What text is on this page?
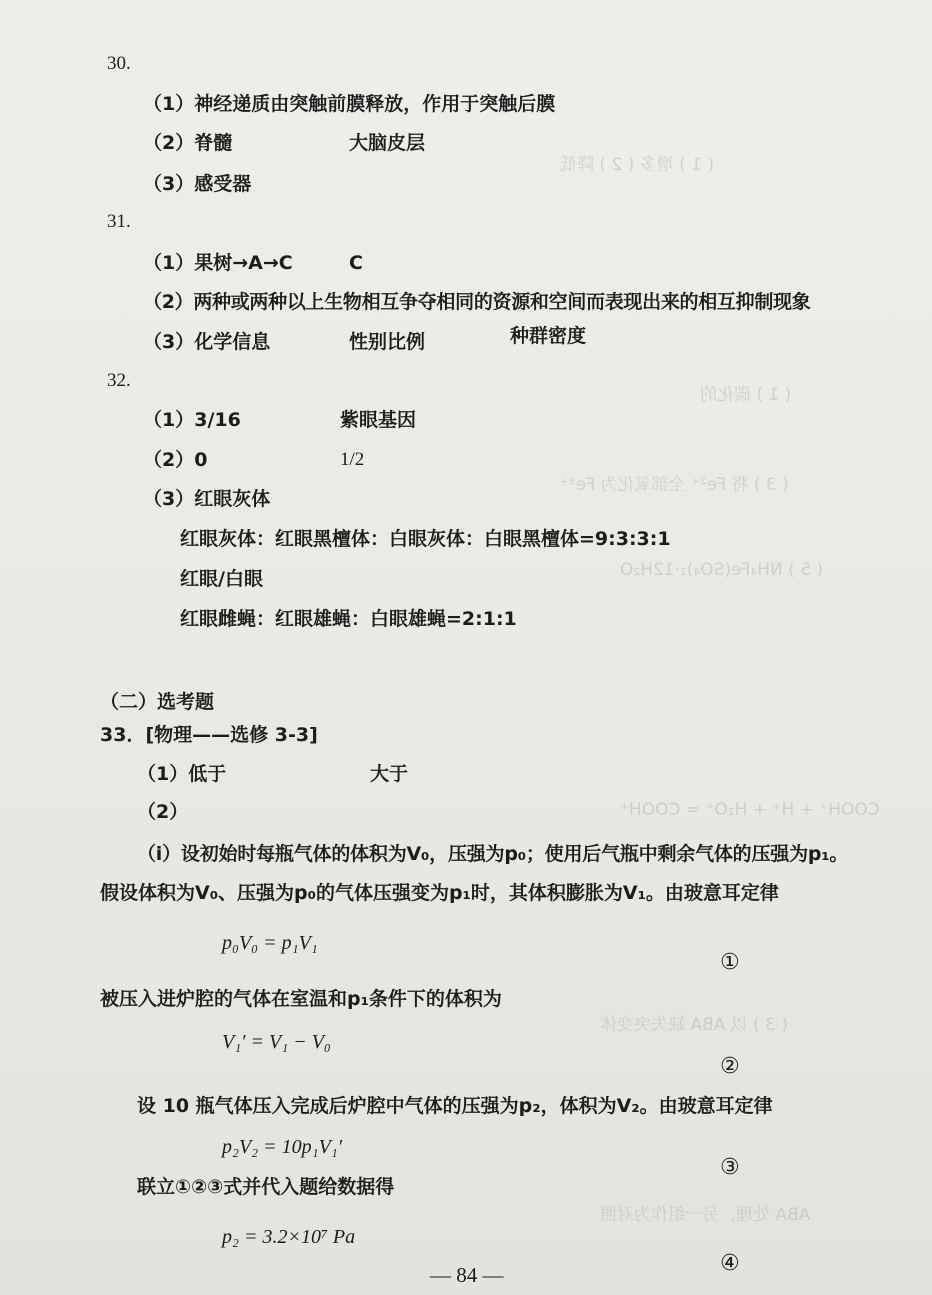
( 1 ) 增多 ( 2 ) 降低
( 1 ) 碳化的
( 3 ) 将 Fe²⁺ 全部氧化为 Fe³⁺
( 5 ) NH₄Fe(SO₄)₂·12H₂O
COOH⁺ + H⁺ + H₂O⁺ = COOH⁺
( 3 ) 以 ABA 缺失突变体
ABA 处理，另一组作为对照
30.
（1）神经递质由突触前膜释放，作用于突触后膜
（2）脊髓	大脑皮层
（3）感受器
31.
（1）果树→A→C	C
（2）两种或两种以上生物相互争夺相同的资源和空间而表现出来的相互抑制现象
（3）化学信息	性别比例	种群密度
32.
（1）3/16	紫眼基因
（2）0	1/2
（3）红眼灰体
红眼灰体：红眼黑檀体：白眼灰体：白眼黑檀体=9:3:3:1
红眼/白眼
红眼雌蝇：红眼雄蝇：白眼雄蝇=2:1:1
（二）选考题
33．[物理——选修 3-3]
（1）低于	大于
（2）
（i）设初始时每瓶气体的体积为V₀，压强为p₀；使用后气瓶中剩余气体的压强为p₁。
假设体积为V₀、压强为p₀的气体压强变为p₁时，其体积膨胀为V₁。由玻意耳定律
p₀V₀ = p₁V₁
①
被压入进炉腔的气体在室温和p₁条件下的体积为
V₁′ = V₁ − V₀
②
设 10 瓶气体压入完成后炉腔中气体的压强为p₂，体积为V₂。由玻意耳定律
p₂V₂ = 10p₁V₁′
③
联立①②③式并代入题给数据得
p₂ = 3.2×10⁷ Pa
④
— 84 —
